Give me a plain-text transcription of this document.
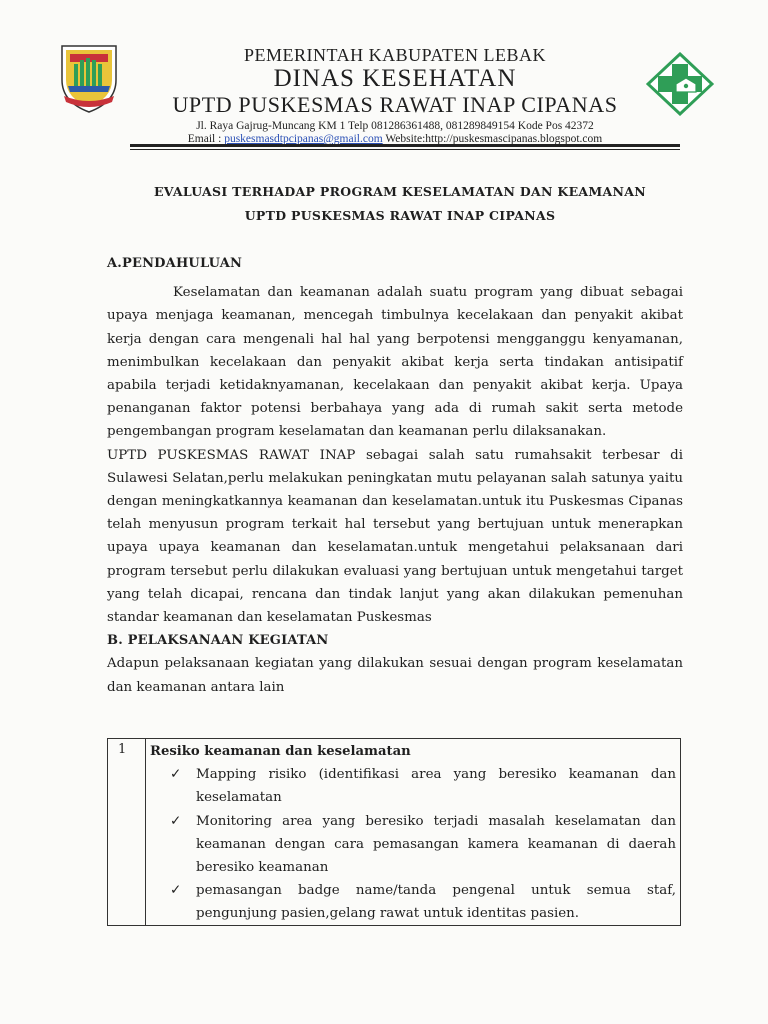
PEMERINTAH KABUPATEN LEBAK
DINAS KESEHATAN
UPTD PUSKESMAS RAWAT INAP CIPANAS
Jl. Raya Gajrug-Muncang KM 1 Telp 081286361488, 081289849154 Kode Pos 42372
Email : puskesmasdtpcipanas@gmail.com Website:http://puskesmascipanas.blogspot.com
EVALUASI TERHADAP PROGRAM KESELAMATAN DAN KEAMANAN
UPTD PUSKESMAS RAWAT INAP CIPANAS
A.PENDAHULUAN

Keselamatan dan keamanan adalah suatu program yang dibuat sebagai upaya menjaga keamanan, mencegah timbulnya kecelakaan dan penyakit akibat kerja dengan cara mengenali hal hal yang berpotensi mengganggu kenyamanan, menimbulkan kecelakaan dan penyakit akibat kerja serta tindakan antisipatif apabila terjadi ketidaknyamanan, kecelakaan dan penyakit akibat kerja. Upaya penanganan faktor potensi berbahaya yang ada di rumah sakit serta metode pengembangan program keselamatan dan keamanan perlu dilaksanakan.

UPTD PUSKESMAS RAWAT INAP sebagai salah satu rumahsakit terbesar di Sulawesi Selatan,perlu melakukan peningkatan mutu pelayanan salah satunya yaitu dengan meningkatkannya keamanan dan keselamatan.untuk itu Puskesmas Cipanas telah menyusun program terkait hal tersebut yang bertujuan untuk menerapkan upaya upaya keamanan dan keselamatan.untuk mengetahui pelaksanaan dari program tersebut perlu dilakukan evaluasi yang bertujuan untuk mengetahui target yang telah dicapai, rencana dan tindak lanjut yang akan dilakukan pemenuhan standar keamanan dan keselamatan Puskesmas

B. PELAKSANAAN KEGIATAN

Adapun pelaksanaan kegiatan yang dilakukan sesuai dengan program keselamatan dan keamanan antara lain

1 Resiko keamanan dan keselamatan
✓ Mapping risiko (identifikasi area yang beresiko keamanan dan keselamatan
✓ Monitoring area yang beresiko terjadi masalah keselamatan dan keamanan dengan cara pemasangan kamera keamanan di daerah beresiko keamanan
✓ pemasangan badge name/tanda pengenal untuk semua staf, pengunjung pasien,gelang rawat untuk identitas pasien.
